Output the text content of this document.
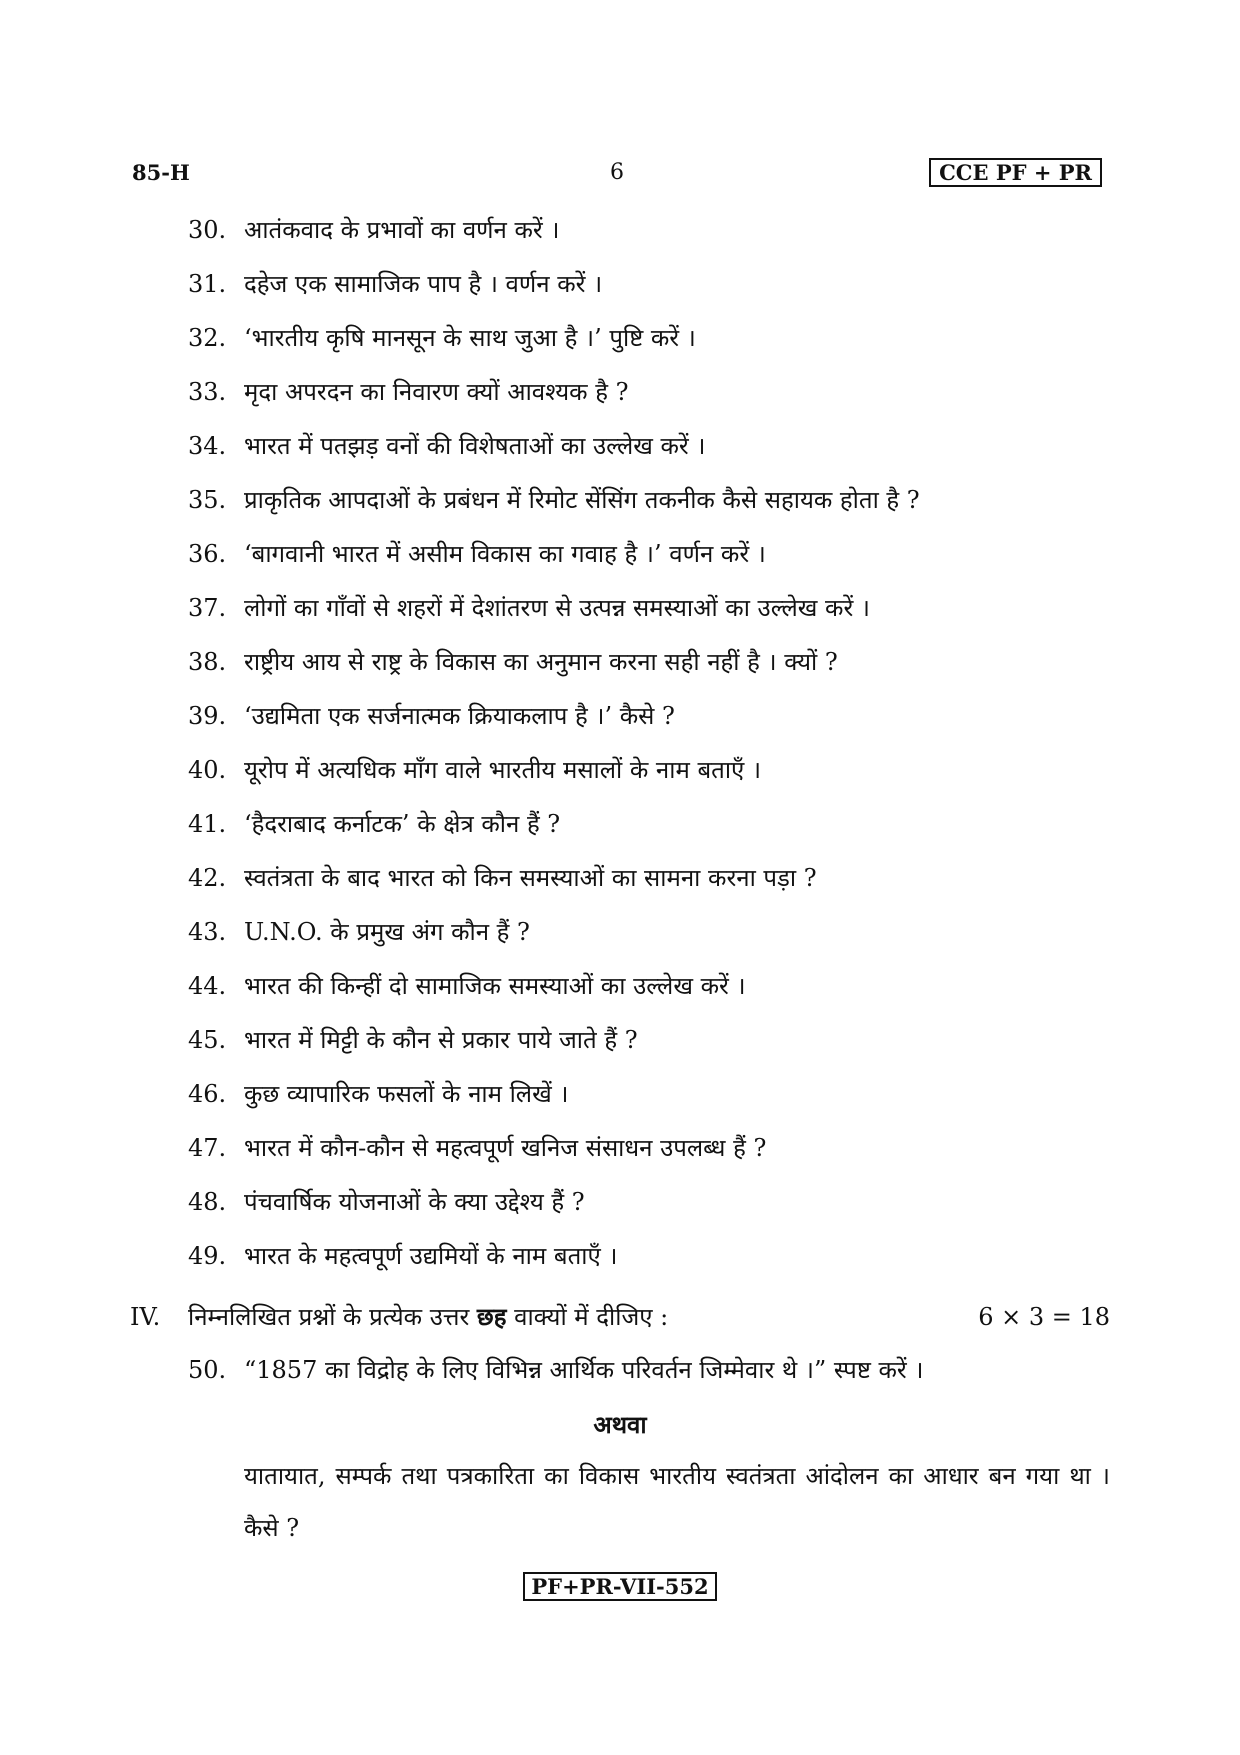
85-H	6	CCE PF + PR
30. आतंकवाद के प्रभावों का वर्णन करें ।
31. दहेज एक सामाजिक पाप है । वर्णन करें ।
32. ‘भारतीय कृषि मानसून के साथ जुआ है ।’ पुष्टि करें ।
33. मृदा अपरदन का निवारण क्यों आवश्यक है ?
34. भारत में पतझड़ वनों की विशेषताओं का उल्लेख करें ।
35. प्राकृतिक आपदाओं के प्रबंधन में रिमोट सेंसिंग तकनीक कैसे सहायक होता है ?
36. ‘बागवानी भारत में असीम विकास का गवाह है ।’ वर्णन करें ।
37. लोगों का गाँवों से शहरों में देशांतरण से उत्पन्न समस्याओं का उल्लेख करें ।
38. राष्ट्रीय आय से राष्ट्र के विकास का अनुमान करना सही नहीं है । क्यों ?
39. ‘उद्यमिता एक सर्जनात्मक क्रियाकलाप है ।’ कैसे ?
40. यूरोप में अत्यधिक माँग वाले भारतीय मसालों के नाम बताएँ ।
41. ‘हैदराबाद कर्नाटक’ के क्षेत्र कौन हैं ?
42. स्वतंत्रता के बाद भारत को किन समस्याओं का सामना करना पड़ा ?
43. U.N.O. के प्रमुख अंग कौन हैं ?
44. भारत की किन्हीं दो सामाजिक समस्याओं का उल्लेख करें ।
45. भारत में मिट्टी के कौन से प्रकार पाये जाते हैं ?
46. कुछ व्यापारिक फसलों के नाम लिखें ।
47. भारत में कौन-कौन से महत्वपूर्ण खनिज संसाधन उपलब्ध हैं ?
48. पंचवार्षिक योजनाओं के क्या उद्देश्य हैं ?
49. भारत के महत्वपूर्ण उद्यमियों के नाम बताएँ ।
IV.	निम्नलिखित प्रश्नों के प्रत्येक उत्तर छह वाक्यों में दीजिए :	6 × 3 = 18
50. “1857 का विद्रोह के लिए विभिन्न आर्थिक परिवर्तन जिम्मेवार थे ।” स्पष्ट करें ।
अथवा
यातायात, सम्पर्क तथा पत्रकारिता का विकास भारतीय स्वतंत्रता आंदोलन का आधार बन गया था । कैसे ?
PF+PR-VII-552
